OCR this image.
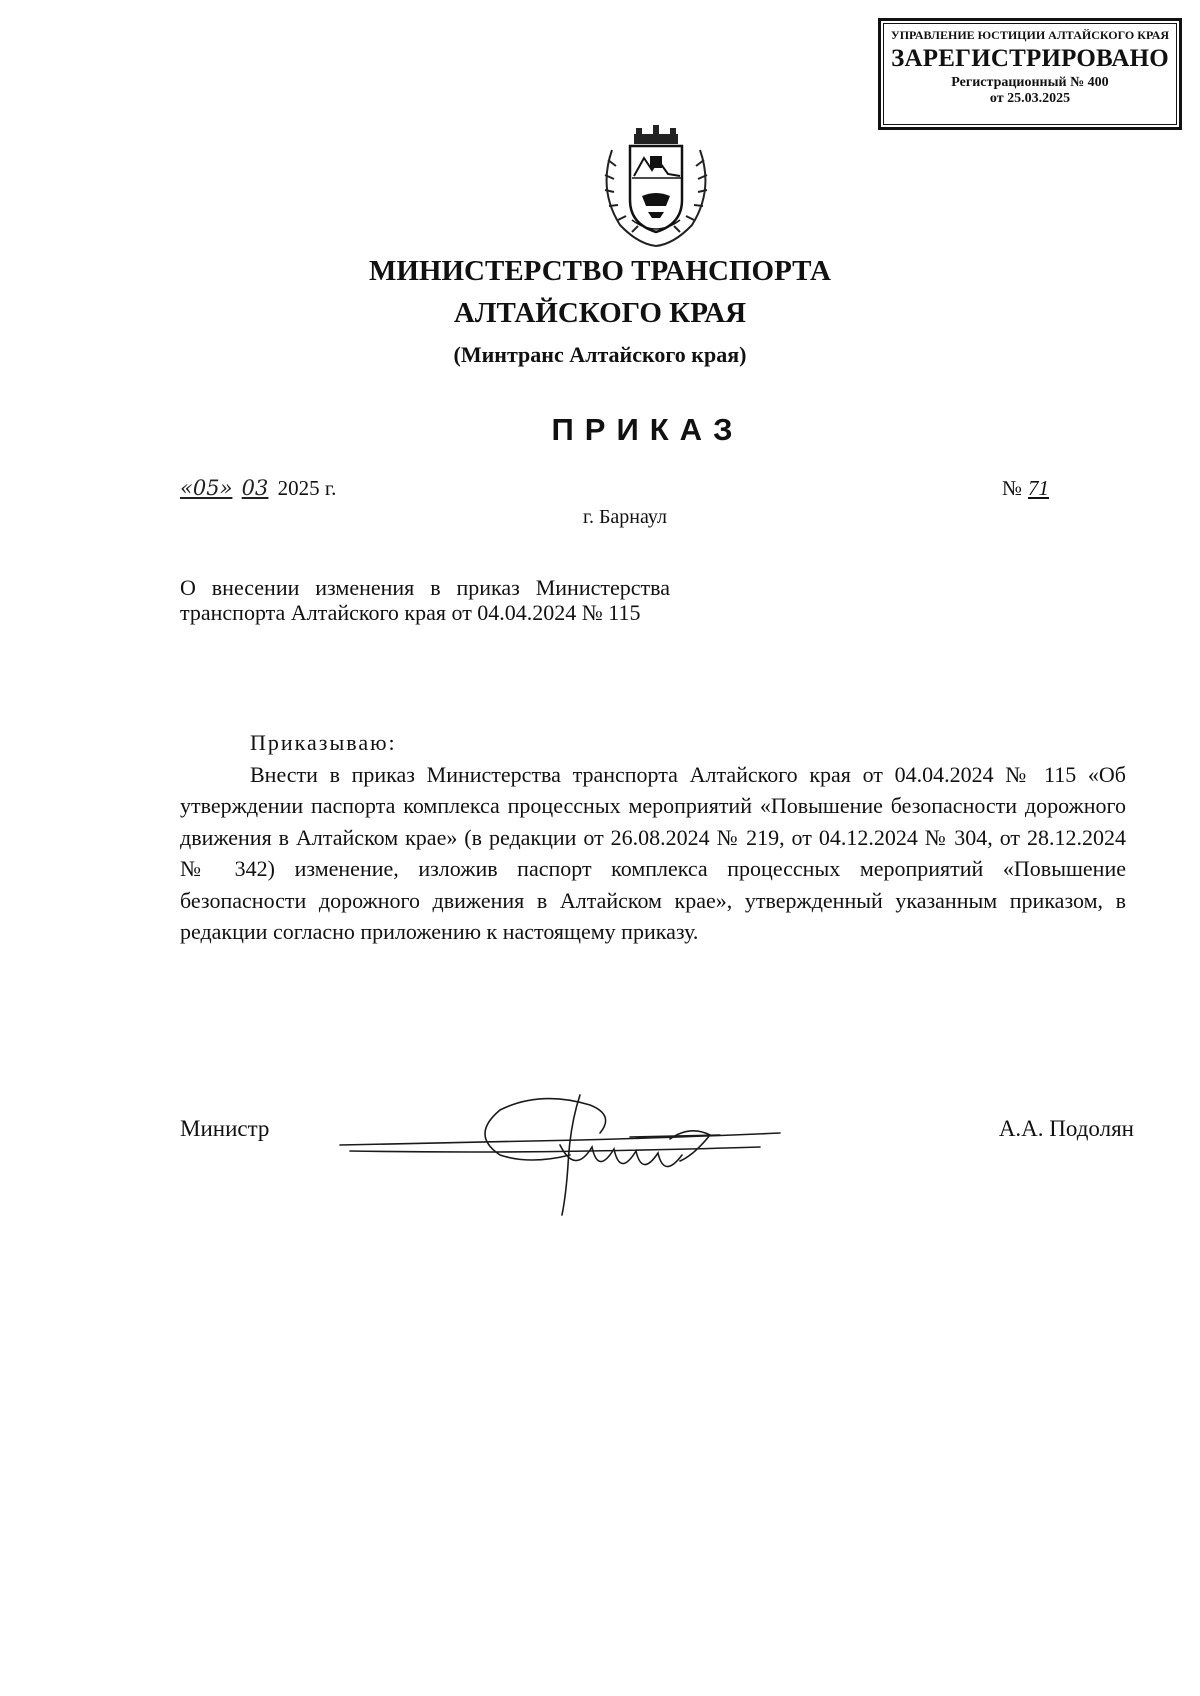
УПРАВЛЕНИЕ ЮСТИЦИИ АЛТАЙСКОГО КРАЯ
ЗАРЕГИСТРИРОВАНО
Регистрационный № 400
от 25.03.2025
МИНИСТЕРСТВО ТРАНСПОРТА
АЛТАЙСКОГО КРАЯ
(Минтранс Алтайского края)
ПРИКАЗ
«05» 03 2025 г.	№ 71
г. Барнаул
О внесении изменения в приказ Министерства транспорта Алтайского края от 04.04.2024 № 115
Приказываю:
Внести в приказ Министерства транспорта Алтайского края от 04.04.2024 № 115 «Об утверждении паспорта комплекса процессных мероприятий «Повышение безопасности дорожного движения в Алтайском крае» (в редакции от 26.08.2024 № 219, от 04.12.2024 № 304, от 28.12.2024 № 342) изменение, изложив паспорт комплекса процессных мероприятий «Повышение безопасности дорожного движения в Алтайском крае», утвержденный указанным приказом, в редакции согласно приложению к настоящему приказу.
Министр	А.А. Подолян
